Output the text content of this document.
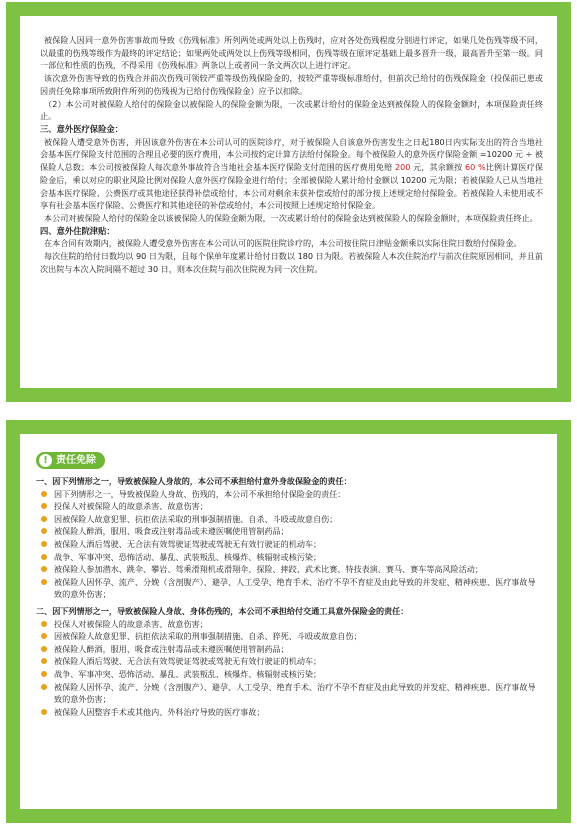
被保险人因同一意外伤害事故而导致《伤残标准》所列两处或两处以上伤残时，应对各处伤残程度分别进行评定，如果几处伤残等级不同，以最重的伤残等级作为最终的评定结论；如果两处或两处以上伤残等级相同，伤残等级在原评定基础上最多晋升一级，最高晋升至第一级。同一部位和性质的伤残，不得采用《伤残标准》两条以上或者同一条文两次以上进行评定。

该次意外伤害导致的伤残合并前次伤残可领较严重等级伤残保险金的，按较严重等级标准给付，但前次已给付的伤残保险金（投保前已患或因责任免除事项所致附件所列的伤残视为已给付伤残保险金）应予以扣除。

（2）本公司对被保险人给付的保险金以被保险人的保险金额为限，一次或累计给付的保险金达到被保险人的保险金额时，本项保险责任终止。

三、意外医疗保险金：

被保险人遭受意外伤害，并因该意外伤害在本公司认可的医院诊疗，对于被保险人自该意外伤害发生之日起180日内实际支出的符合当地社会基本医疗保险支付范围的合理且必要的医疗费用，本公司按约定计算方法给付保险金。每个被保险人的意外医疗保险金额 =10200 元 ÷ 被保险人总数；本公司按被保险人每次意外事故符合当地社会基本医疗保险支付范围的医疗费用免赔 200 元，其余额按 60 %比例计算医疗保险金后，乘以对应的职业风险比例对保险人意外医疗保险金进行给付；全部被保险人累计给付金额以 10200 元为限；若被保险人已从当地社会基本医疗保险、公费医疗或其他途径获得补偿或给付，本公司对剩余未获补偿或给付的部分按上述规定给付保险金。若被保险人未使用或不享有社会基本医疗保险、公费医疗和其他途径的补偿或给付，本公司按照上述规定给付保险金。

本公司对被保险人给付的保险金以该被保险人的保险金额为限，一次或累计给付的保险金达到被保险人的保险金额时，本项保险责任终止。

四、意外住院津贴：

在本合同有效期内，被保险人遭受意外伤害在本公司认可的医院住院诊疗的，本公司按住院日津贴金额乘以实际住院日数给付保险金。

每次住院的给付日数均以 90 日为限，且每个保单年度累计给付日数以 180 日为限。若被保险人本次住院治疗与前次住院原因相同，并且前次出院与本次入院间隔不超过 30 日，则本次住院与前次住院视为同一次住院。

! 责任免除

一、因下列情形之一，导致被保险人身故的，本公司不承担给付意外身故保险金的责任：

因下列情形之一，导致被保险人身故、伤残的，本公司不承担给付保险金的责任：
投保人对被保险人的故意杀害、故意伤害；
因被保险人故意犯罪、抗拒依法采取的刑事强制措施、自杀、斗殴或故意自伤；
被保险人醉酒，服用、吸食或注射毒品或未遵医嘱使用管制药品；
被保险人酒后驾驶、无合法有效驾驶证驾驶或驾驶无有效行驶证的机动车；
战争、军事冲突、恐怖活动、暴乱、武装叛乱、核爆炸、核辐射或核污染；
被保险人参加潜水、跳伞、攀岩、驾乘滑翔机或滑翔伞、探险、摔跤、武术比赛、特技表演、赛马、赛车等高风险活动；
被保险人因怀孕、流产、分娩（含剖腹产）、避孕、人工受孕、绝育手术、治疗不孕不育症及由此导致的并发症、精神疾患、医疗事故导致的意外伤害；

二、因下列情形之一，导致被保险人身故、身体伤残的，本公司不承担给付交通工具意外保险金的责任：

投保人对被保险人的故意杀害、故意伤害；
因被保险人故意犯罪、抗拒依法采取的刑事强制措施、自杀、猝死、斗殴或故意自伤；
被保险人醉酒，服用、吸食或注射毒品或未遵医嘱使用管制药品；
被保险人酒后驾驶、无合法有效驾驶证驾驶或驾驶无有效行驶证的机动车；
战争、军事冲突、恐怖活动、暴乱、武装叛乱、核爆炸、核辐射或核污染；
被保险人因怀孕、流产、分娩（含剖腹产）、避孕、人工受孕、绝育手术、治疗不孕不育症及由此导致的并发症、精神疾患、医疗事故导致的意外伤害；
被保险人因整容手术或其他内、外科治疗导致的医疗事故；
